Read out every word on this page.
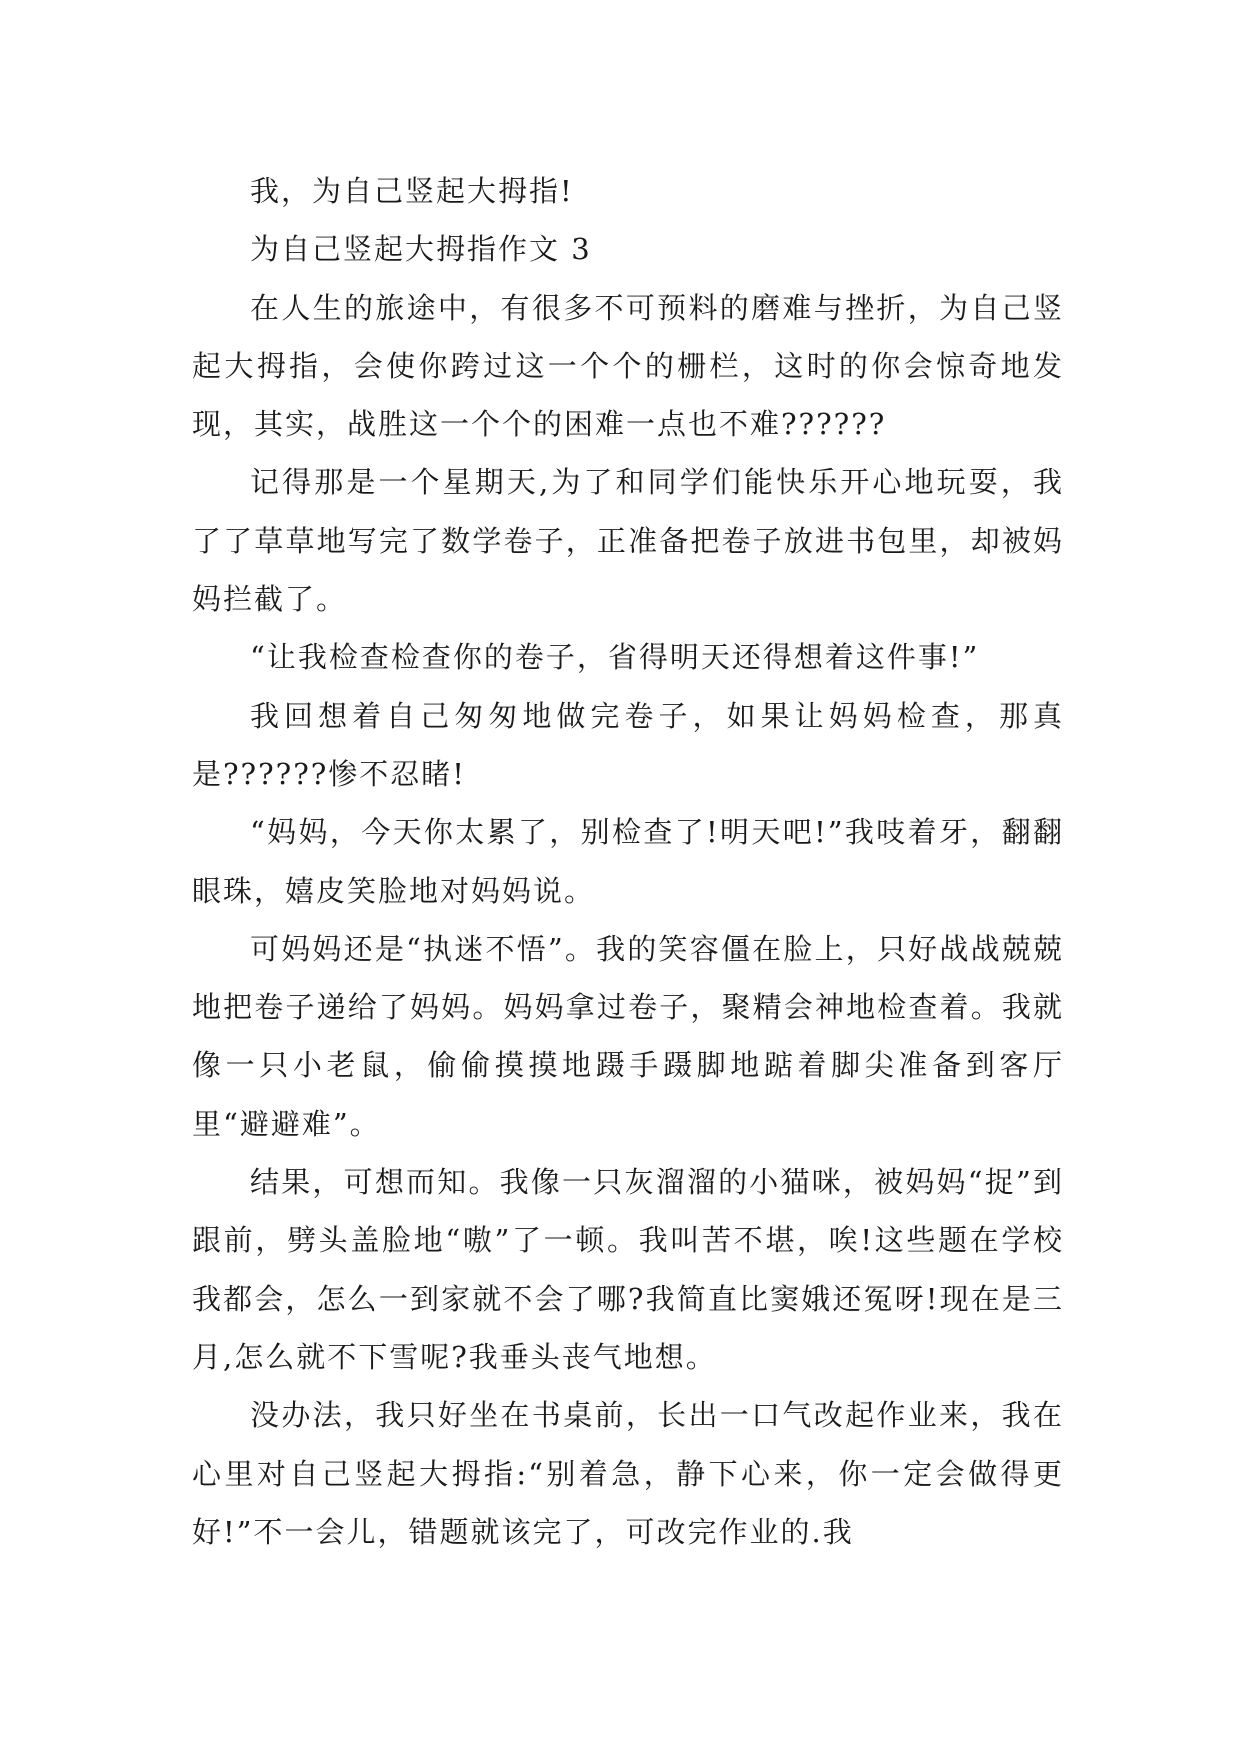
我，为自己竖起大拇指!

为自己竖起大拇指作文 3

在人生的旅途中，有很多不可预料的磨难与挫折，为自己竖起大拇指，会使你跨过这一个个的栅栏，这时的你会惊奇地发现，其实，战胜这一个个的困难一点也不难??????

记得那是一个星期天,为了和同学们能快乐开心地玩耍，我了了草草地写完了数学卷子，正准备把卷子放进书包里，却被妈妈拦截了。

“让我检查检查你的卷子，省得明天还得想着这件事!”

我回想着自己匆匆地做完卷子，如果让妈妈检查，那真是??????惨不忍睹!

“妈妈，今天你太累了，别检查了!明天吧!”我吱着牙，翻翻眼珠，嬉皮笑脸地对妈妈说。

可妈妈还是“执迷不悟”。我的笑容僵在脸上，只好战战兢兢地把卷子递给了妈妈。妈妈拿过卷子，聚精会神地检查着。我就像一只小老鼠，偷偷摸摸地蹑手蹑脚地踮着脚尖准备到客厅里“避避难”。

结果，可想而知。我像一只灰溜溜的小猫咪，被妈妈“捉”到跟前，劈头盖脸地“嗷”了一顿。我叫苦不堪，唉!这些题在学校我都会，怎么一到家就不会了哪?我简直比窦娥还冤呀!现在是三月,怎么就不下雪呢?我垂头丧气地想。

没办法，我只好坐在书桌前，长出一口气改起作业来，我在心里对自己竖起大拇指:“别着急，静下心来，你一定会做得更好!”不一会儿，错题就该完了，可改完作业的.我
